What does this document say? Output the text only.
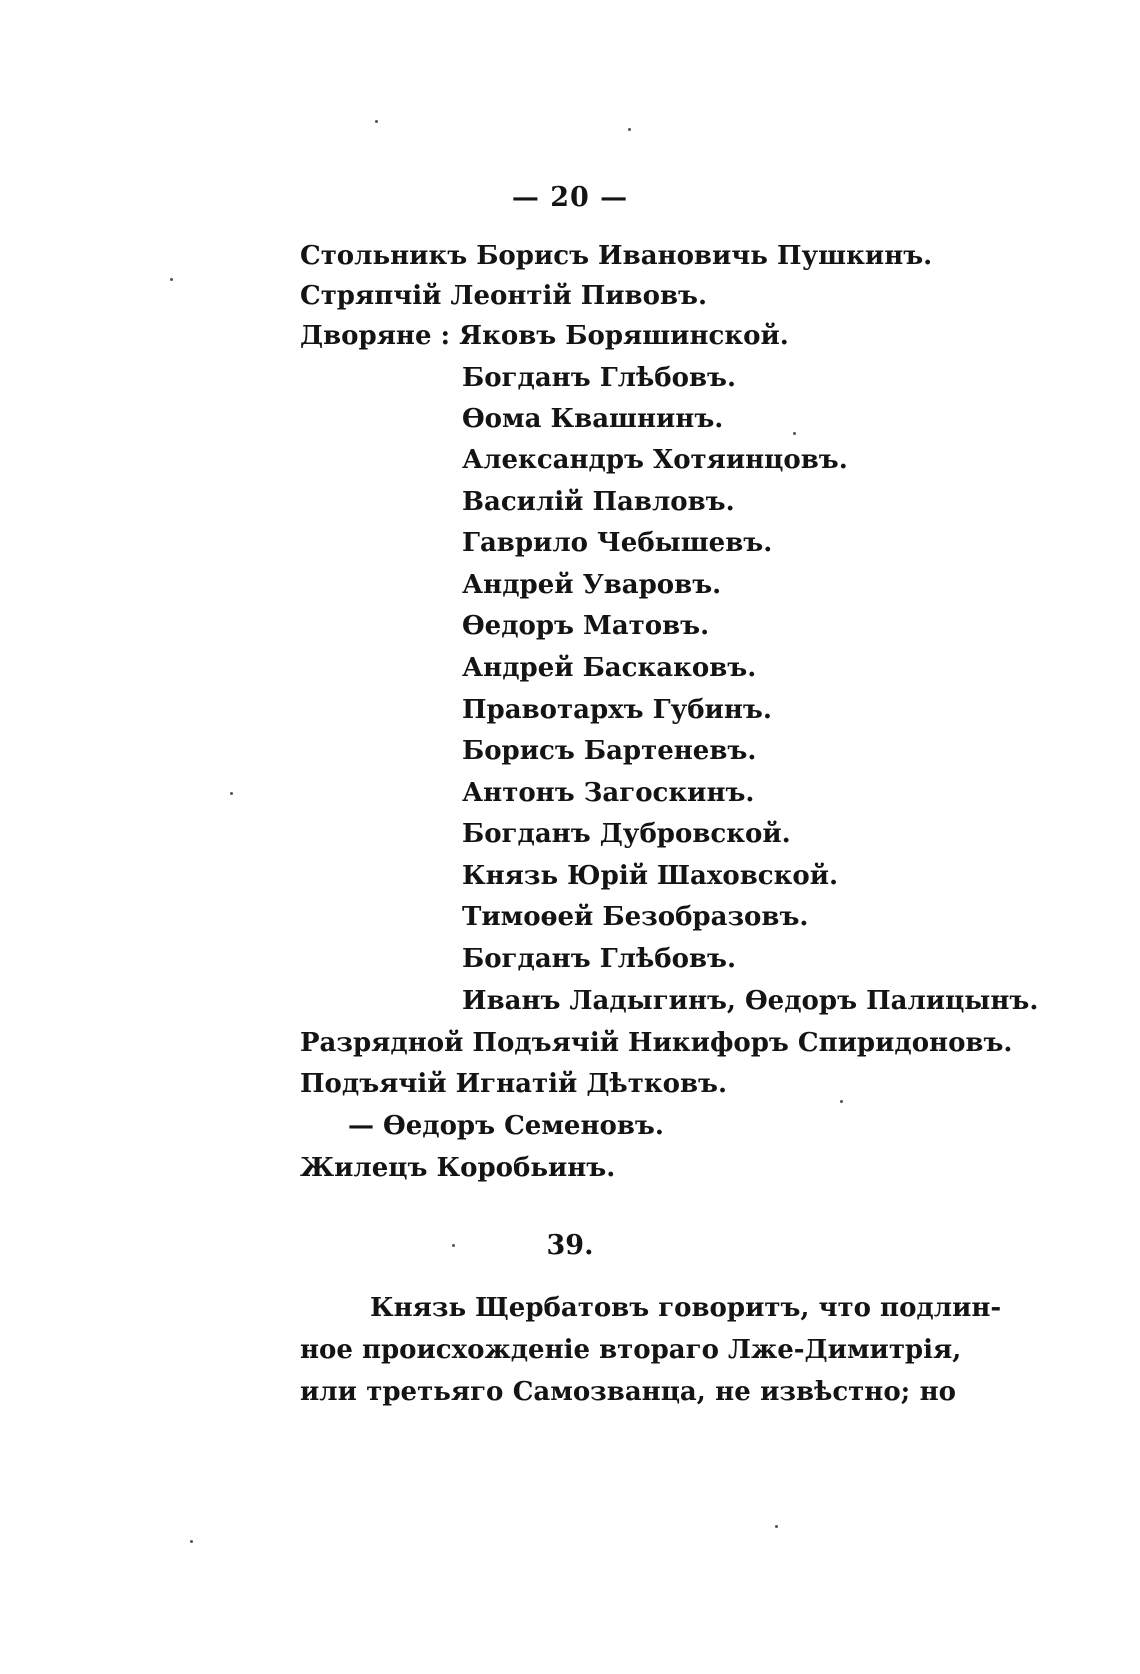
— 20 —
Стольникъ Борисъ Ивановичь Пушкинъ.
Стряпчій Леонтій Пивовъ.
Дворяне : Яковъ Боряшинской.
Богданъ Глѣбовъ.
Ѳома Квашнинъ.
Александръ Хотяинцовъ.
Василій Павловъ.
Гаврило Чебышевъ.
Андрей Уваровъ.
Ѳедоръ Матовъ.
Андрей Баскаковъ.
Правотархъ Губинъ.
Борисъ Бартеневъ.
Антонъ Загоскинъ.
Богданъ Дубровской.
Князь Юрій Шаховской.
Тимоѳей Безобразовъ.
Богданъ Глѣбовъ.
Иванъ Ладыгинъ, Ѳедоръ Палицынъ.
Разрядной Подъячій Никифоръ Спиридоновъ.
Подъячій Игнатій Дѣтковъ.
— Ѳедоръ Семеновъ.
Жилецъ Коробьинъ.
39.
Князь Щербатовъ говоритъ, что подлин-
ное происхожденіе втораго Лже-Димитрія,
или третьяго Самозванца, не извѣстно; но
